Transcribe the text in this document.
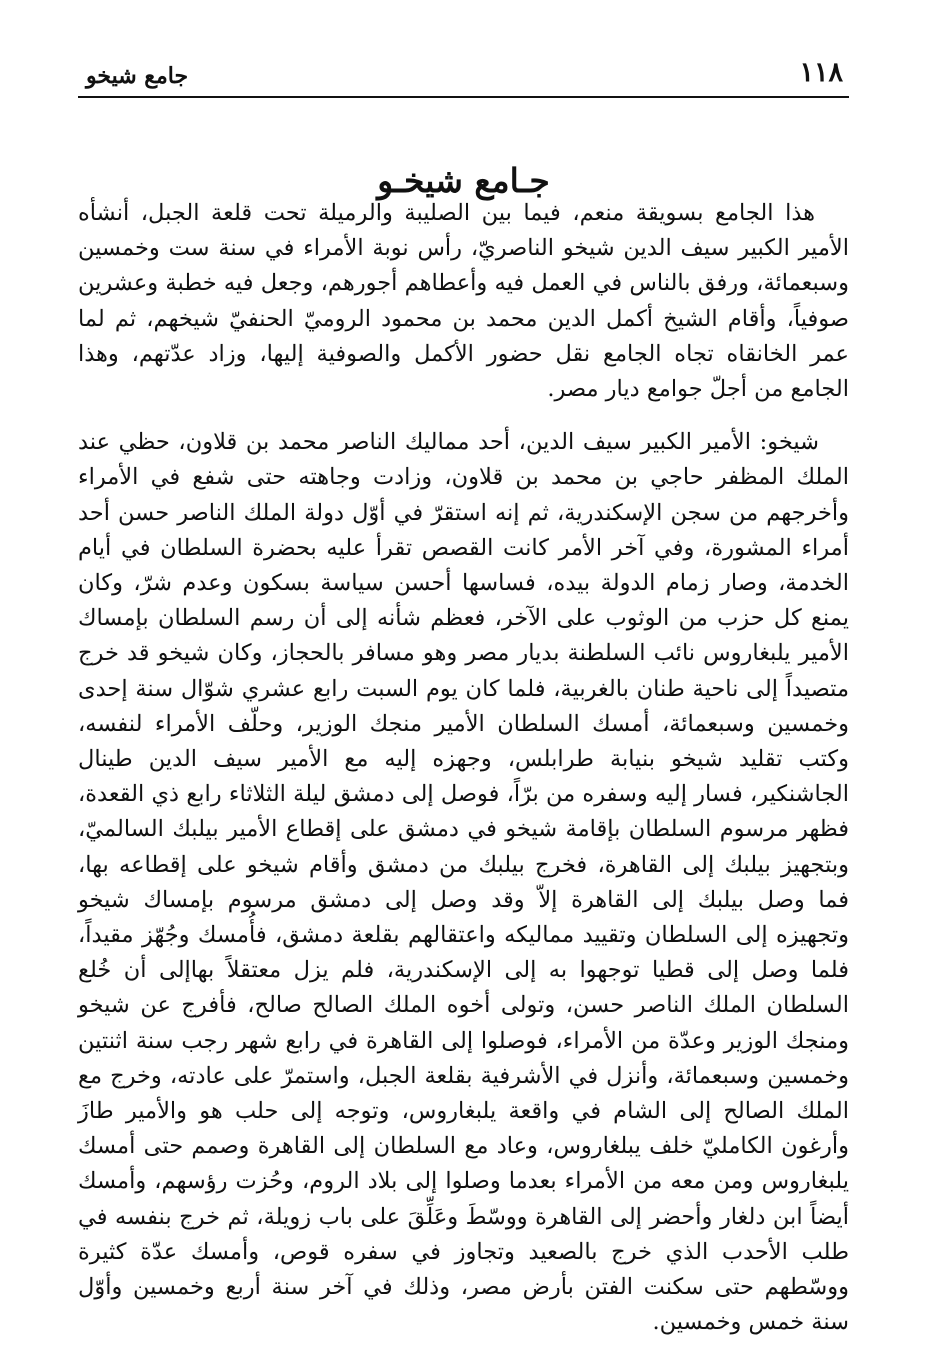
١١٨
جامع شيخو
جـامع شيخـو

هذا الجامع بسويقة منعم، فيما بين الصليبة والرميلة تحت قلعة الجبل، أنشأه الأمير الكبير سيف الدين شيخو الناصريّ، رأس نوبة الأمراء في سنة ست وخمسين وسبعمائة، ورفق بالناس في العمل فيه وأعطاهم أجورهم، وجعل فيه خطبة وعشرين صوفياً، وأقام الشيخ أكمل الدين محمد بن محمود الروميّ الحنفيّ شيخهم، ثم لما عمر الخانقاه تجاه الجامع نقل حضور الأكمل والصوفية إليها، وزاد عدّتهم، وهذا الجامع من أجلّ جوامع ديار مصر.

شيخو: الأمير الكبير سيف الدين، أحد مماليك الناصر محمد بن قلاون، حظي عند الملك المظفر حاجي بن محمد بن قلاون، وزادت وجاهته حتى شفع في الأمراء وأخرجهم من سجن الإسكندرية، ثم إنه استقرّ في أوّل دولة الملك الناصر حسن أحد أمراء المشورة، وفي آخر الأمر كانت القصص تقرأ عليه بحضرة السلطان في أيام الخدمة، وصار زمام الدولة بيده، فساسها أحسن سياسة بسكون وعدم شرّ، وكان يمنع كل حزب من الوثوب على الآخر، فعظم شأنه إلى أن رسم السلطان بإمساك الأمير يلبغاروس نائب السلطنة بديار مصر وهو مسافر بالحجاز، وكان شيخو قد خرج متصيداً إلى ناحية طنان بالغربية، فلما كان يوم السبت رابع عشري شوّال سنة إحدى وخمسين وسبعمائة، أمسك السلطان الأمير منجك الوزير، وحلّف الأمراء لنفسه، وكتب تقليد شيخو بنيابة طرابلس، وجهزه إليه مع الأمير سيف الدين طينال الجاشنكير، فسار إليه وسفره من برّاً، فوصل إلى دمشق ليلة الثلاثاء رابع ذي القعدة، فظهر مرسوم السلطان بإقامة شيخو في دمشق على إقطاع الأمير بيلبك السالميّ، وبتجهيز بيلبك إلى القاهرة، فخرج بيلبك من دمشق وأقام شيخو على إقطاعه بها، فما وصل بيلبك إلى القاهرة إلاّ وقد وصل إلى دمشق مرسوم بإمساك شيخو وتجهيزه إلى السلطان وتقييد مماليكه واعتقالهم بقلعة دمشق، فأُمسك وجُهّز مقيداً، فلما وصل إلى قطيا توجهوا به إلى الإسكندرية، فلم يزل معتقلاً بهاإلى أن خُلع السلطان الملك الناصر حسن، وتولى أخوه الملك الصالح صالح، فأفرج عن شيخو ومنجك الوزير وعدّة من الأمراء، فوصلوا إلى القاهرة في رابع شهر رجب سنة اثنتين وخمسين وسبعمائة، وأنزل في الأشرفية بقلعة الجبل، واستمرّ على عادته، وخرج مع الملك الصالح إلى الشام في واقعة يلبغاروس، وتوجه إلى حلب هو والأمير طازَ وأرغون الكامليّ خلف يبلغاروس، وعاد مع السلطان إلى القاهرة وصمم حتى أمسك يلبغاروس ومن معه من الأمراء بعدما وصلوا إلى بلاد الروم، وحُزت رؤسهم، وأمسك أيضاً ابن دلغار وأحضر إلى القاهرة ووسّطَ وعَلِّقَ على باب زويلة، ثم خرج بنفسه في طلب الأحدب الذي خرج بالصعيد وتجاوز في سفره قوص، وأمسك عدّة كثيرة ووسّطهم حتى سكنت الفتن بأرض مصر، وذلك في آخر سنة أربع وخمسين وأوّل سنة خمس وخمسين.
